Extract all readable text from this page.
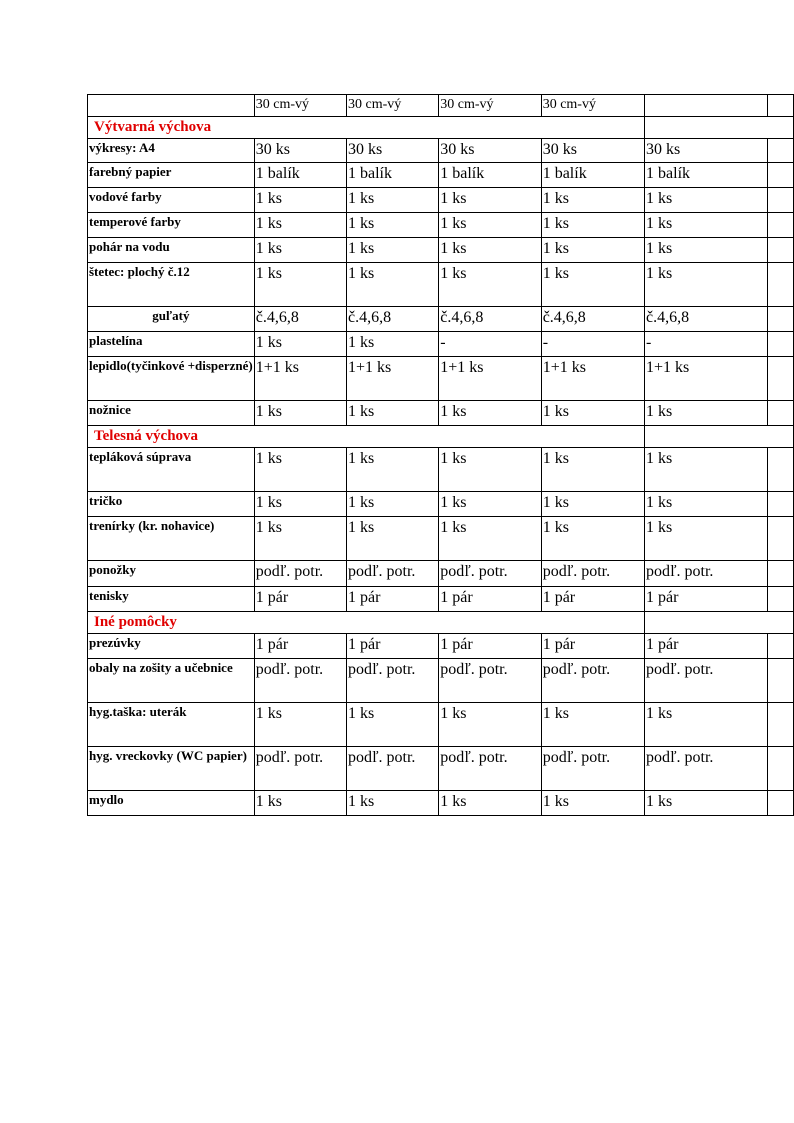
	30 cm-vý	30 cm-vý	30 cm-vý	30 cm-vý		
Výtvarná výchova						
výkresy: A4	30 ks	30 ks	30 ks	30 ks	30 ks	
farebný papier	1 balík	1 balík	1 balík	1 balík	1 balík	
vodové farby	1 ks	1 ks	1 ks	1 ks	1 ks	
temperové farby	1 ks	1 ks	1 ks	1 ks	1 ks	
pohár na vodu	1 ks	1 ks	1 ks	1 ks	1 ks	
štetec: plochý č.12	1 ks	1 ks	1 ks	1 ks	1 ks	
guľatý	č.4,6,8	č.4,6,8	č.4,6,8	č.4,6,8	č.4,6,8	
plastelína	1 ks	1 ks	-	-	-	
lepidlo(tyčinkové +disperzné)	1+1 ks	1+1 ks	1+1 ks	1+1 ks	1+1 ks	
nožnice	1 ks	1 ks	1 ks	1 ks	1 ks	
Telesná výchova						
tepláková súprava	1 ks	1 ks	1 ks	1 ks	1 ks	
tričko	1 ks	1 ks	1 ks	1 ks	1 ks	
trenírky (kr. nohavice)	1 ks	1 ks	1 ks	1 ks	1 ks	
ponožky	podľ. potr.	podľ. potr.	podľ. potr.	podľ. potr.	podľ. potr.	
tenisky	1 pár	1 pár	1 pár	1 pár	1 pár	
Iné pomôcky						
prezúvky	1 pár	1 pár	1 pár	1 pár	1 pár	
obaly na zošity a učebnice	podľ. potr.	podľ. potr.	podľ. potr.	podľ. potr.	podľ. potr.	
hyg.taška: uterák	1 ks	1 ks	1 ks	1 ks	1 ks	
hyg. vreckovky (WC papier)	podľ. potr.	podľ. potr.	podľ. potr.	podľ. potr.	podľ. potr.	
mydlo	1 ks	1 ks	1 ks	1 ks	1 ks	
